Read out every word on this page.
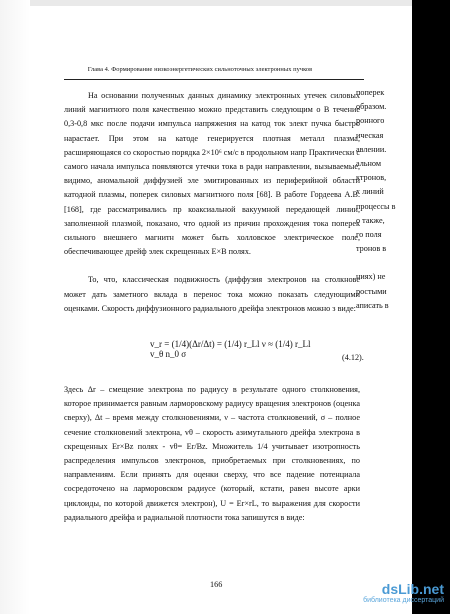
Глава 4. Формирование низкоэнергетических сильноточных электронных пучков

На основании полученных данных динамику электронных утечек силовых линий магнитного поля качественно можно представить следующим о В течение 0,3-0,8 мкс после подачи импульса напряжения на катод ток элект пучка быстро нарастает. При этом на катоде генерируется плотная металл плазма, расширяющаяся со скоростью порядка 2×10⁶ см/с в продольном напр Практически с самого начала импульса появляются утечки тока в ради направлении, вызываемые, видимо, аномальной диффузией эле эмитированных из периферийной области катодной плазмы, поперек силовых магнитного поля [68]. В работе Гордеева А.В. [168], где рассматривались пр коаксиальной вакуумной передающей линии, заполненной плазмой, показано, что одной из причин прохождения тока поперек сильного внешнего магнитн может быть холловское электрическое поле, обеспечивающее дрейф элек скрещенных E×B полях.

То, что, классическая подвижность (диффузия электронов на столкнове может дать заметного вклада в перенос тока можно показать следующими оценками. Скорость диффузионного радиального дрейфа электронов можно з виде:

поперек
образом.
ронного
ическая
авлении.
альном
ктронов,
х линий
процессы в
о также,
го поля
тронов в
ниях) не
ростыми
аписать в
v_r = (1/4)(Δr/Δt) = (1/4) r_Ll ν ≈ (1/4) r_Ll v_θ n_0 σ	(4.12).
Здесь Δr – смещение электрона по радиусу в результате одного столкновения, которое принимается равным ларморовскому радиусу вращения электронов (оценка сверху), Δt – время между столкновениями, ν – частота столкновений, σ – полное сечение столкновений электрона, vθ – скорость азимутального дрейфа электрона в скрещенных Er×Bz полях - vθ= Er/Bz. Множитель 1/4 учитывает изотропность распределения импульсов электронов, приобретаемых при столкновениях, по направлениям. Если принять для оценки сверху, что все падение потенциала сосредоточено на ларморовском радиусе (который, кстати, равен высоте арки циклоиды, по которой движется электрон), U = Er×rL, то выражения для скорости радиального дрейфа и радиальной плотности тока запишутся в виде:
166	dsLib.net
библиотека диссертаций
